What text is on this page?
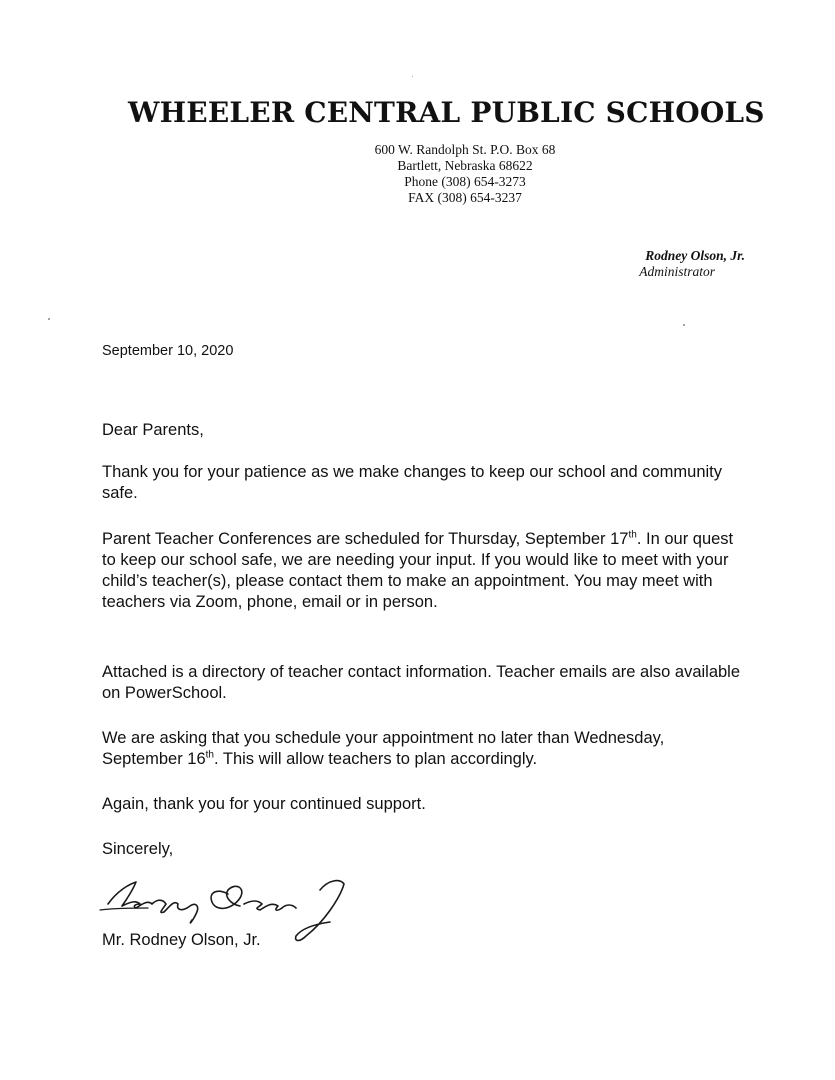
WHEELER CENTRAL PUBLIC SCHOOLS
600 W. Randolph St. P.O. Box 68
Bartlett, Nebraska 68622
Phone (308) 654-3273
FAX (308) 654-3237
Rodney Olson, Jr.
Administrator
September 10, 2020
Dear Parents,

Thank you for your patience as we make changes to keep our school and community safe.

Parent Teacher Conferences are scheduled for Thursday, September 17th. In our quest to keep our school safe, we are needing your input. If you would like to meet with your child’s teacher(s), please contact them to make an appointment. You may meet with teachers via Zoom, phone, email or in person.

Attached is a directory of teacher contact information. Teacher emails are also available on PowerSchool.

We are asking that you schedule your appointment no later than Wednesday, September 16th. This will allow teachers to plan accordingly.

Again, thank you for your continued support.

Sincerely,
Mr. Rodney Olson, Jr.
